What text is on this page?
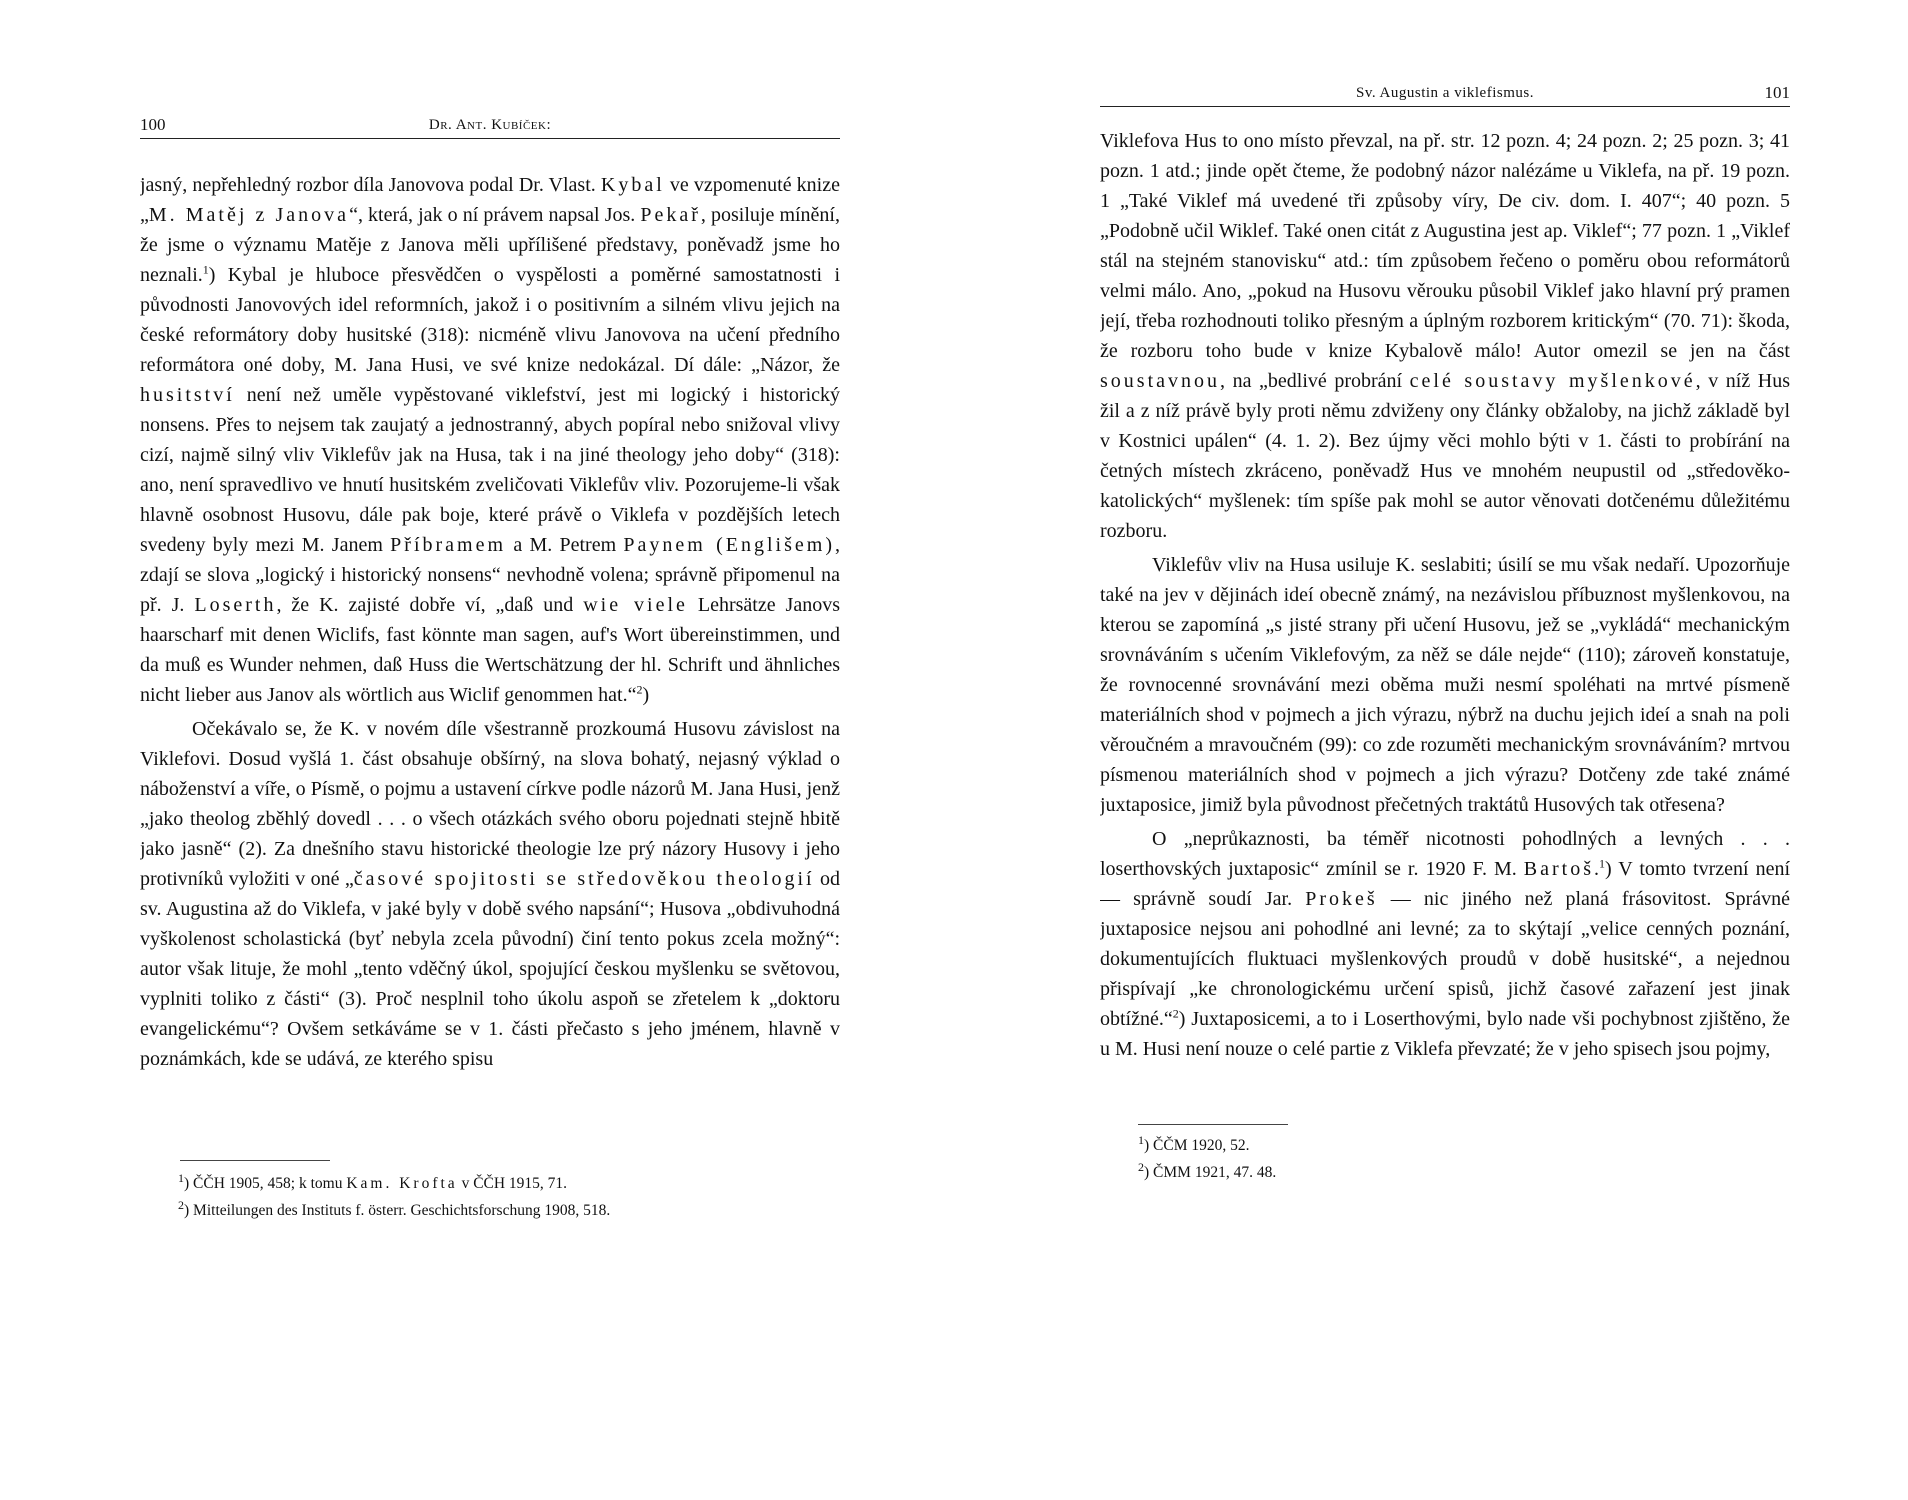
100	Dr. Ant. Kubíček:

jasný, nepřehledný rozbor díla Janovova podal Dr. Vlast. Kybal ve vzpomenuté knize „M. Matěj z Janova“, která, jak o ní právem napsal Jos. Pekař, posiluje mínění, že jsme o významu Matěje z Janova měli upřílišené představy, poněvadž jsme ho neznali.$^1$) Kybal je hluboce přesvědčen o vyspělosti a poměrné samostatnosti i původnosti Janovových idel reformních, jakož i o positivním a silném vlivu jejich na české reformátory doby husitské (318): nicméně vlivu Janovova na učení předního reformátora oné doby, M. Jana Husi, ve své knize nedokázal. Dí dále: „Názor, že husitství není než uměle vypěstované viklefství, jest mi logický i historický nonsens. Přes to nejsem tak zaujatý a jednostranný, abych popíral nebo snižoval vlivy cizí, najmě silný vliv Viklefův jak na Husa, tak i na jiné theology jeho doby“ (318): ano, není spravedlivo ve hnutí husitském zveličovati Viklefův vliv. Pozorujeme-li však hlavně osobnost Husovu, dále pak boje, které právě o Viklefa v pozdějších letech svedeny byly mezi M. Janem Příbramem a M. Petrem Paynem (Englišem), zdají se slova „logický i historický nonsens“ nevhodně volena; správně připomenul na př. J. Loserth, že K. zajisté dobře ví, „daß und wie viele Lehrsätze Janovs haarscharf mit denen Wiclifs, fast könnte man sagen, auf's Wort übereinstimmen, und da muß es Wunder nehmen, daß Huss die Wertschätzung der hl. Schrift und ähnliches nicht lieber aus Janov als wörtlich aus Wiclif genommen hat.“$^2$)

Očekávalo se, že K. v novém díle všestranně prozkoumá Husovu závislost na Viklefovi. Dosud vyšlá 1. část obsahuje obšírný, na slova bohatý, nejasný výklad o náboženství a víře, o Písmě, o pojmu a ustavení církve podle názorů M. Jana Husi, jenž „jako theolog zběhlý dovedl . . . o všech otázkách svého oboru pojednati stejně hbitě jako jasně“ (2). Za dnešního stavu historické theologie lze prý názory Husovy i jeho protivníků vyložiti v oné „časové spojitosti se středověkou theologií od sv. Augustina až do Viklefa, v jaké byly v době svého napsání“; Husova „obdivuhodná vyškolenost scholastická (byť nebyla zcela původní) činí tento pokus zcela možný“: autor však lituje, že mohl „tento vděčný úkol, spojující českou myšlenku se světovou, vyplniti toliko z části“ (3). Proč nesplnil toho úkolu aspoň se zřetelem k „doktoru evangelickému“? Ovšem setkáváme se v 1. části přečasto s jeho jménem, hlavně v poznámkách, kde se udává, ze kterého spisu

$^1$) ČČH 1905, 458; k tomu Kam. Krofta v ČČH 1915, 71.

$^2$) Mitteilungen des Instituts f. österr. Geschichtsforschung 1908, 518.

Sv. Augustin a viklefismus.	101

Viklefova Hus to ono místo převzal, na př. str. 12 pozn. 4; 24 pozn. 2; 25 pozn. 3; 41 pozn. 1 atd.; jinde opět čteme, že podobný názor nalézáme u Viklefa, na př. 19 pozn. 1 „Také Viklef má uvedené tři způsoby víry, De civ. dom. I. 407“; 40 pozn. 5 „Podobně učil Wiklef. Také onen citát z Augustina jest ap. Viklef“; 77 pozn. 1 „Viklef stál na stejném stanovisku“ atd.: tím způsobem řečeno o poměru obou reformátorů velmi málo. Ano, „pokud na Husovu věrouku působil Viklef jako hlavní prý pramen její, třeba rozhodnouti toliko přesným a úplným rozborem kritickým“ (70. 71): škoda, že rozboru toho bude v knize Kybalově málo! Autor omezil se jen na část soustavnou, na „bedlivé probrání celé soustavy myšlenkové, v níž Hus žil a z níž právě byly proti němu zdviženy ony články obžaloby, na jichž základě byl v Kostnici upálen“ (4. 1. 2). Bez újmy věci mohlo býti v 1. části to probírání na četných místech zkráceno, poněvadž Hus ve mnohém neupustil od „středověko-katolických“ myšlenek: tím spíše pak mohl se autor věnovati dotčenému důležitému rozboru.

Viklefův vliv na Husa usiluje K. seslabiti; úsilí se mu však nedaří. Upozorňuje také na jev v dějinách ideí obecně známý, na nezávislou příbuznost myšlenkovou, na kterou se zapomíná „s jisté strany při učení Husovu, jež se „vykládá“ mechanickým srovnáváním s učením Viklefovým, za něž se dále nejde“ (110); zároveň konstatuje, že rovnocenné srovnávání mezi oběma muži nesmí spoléhati na mrtvé písmeně materiálních shod v pojmech a jich výrazu, nýbrž na duchu jejich ideí a snah na poli věroučném a mravoučném (99): co zde rozuměti mechanickým srovnáváním? mrtvou písmenou materiálních shod v pojmech a jich výrazu? Dotčeny zde také známé juxtaposice, jimiž byla původnost přečetných traktátů Husových tak otřesena?

O „neprůkaznosti, ba téměř nicotnosti pohodlných a levných . . . loserthovských juxtaposic“ zmínil se r. 1920 F. M. Bartoš.$^1$) V tomto tvrzení není — správně soudí Jar. Prokeš — nic jiného než planá frásovitost. Správné juxtaposice nejsou ani pohodlné ani levné; za to skýtají „velice cenných poznání, dokumentujících fluktuaci myšlenkových proudů v době husitské“, a nejednou přispívají „ke chronologickému určení spisů, jichž časové zařazení jest jinak obtížné.“$^2$) Juxtaposicemi, a to i Loserthovými, bylo nade vši pochybnost zjištěno, že u M. Husi není nouze o celé partie z Viklefa převzaté; že v jeho spisech jsou pojmy,

$^1$) ČČM 1920, 52.

$^2$) ČMM 1921, 47. 48.
